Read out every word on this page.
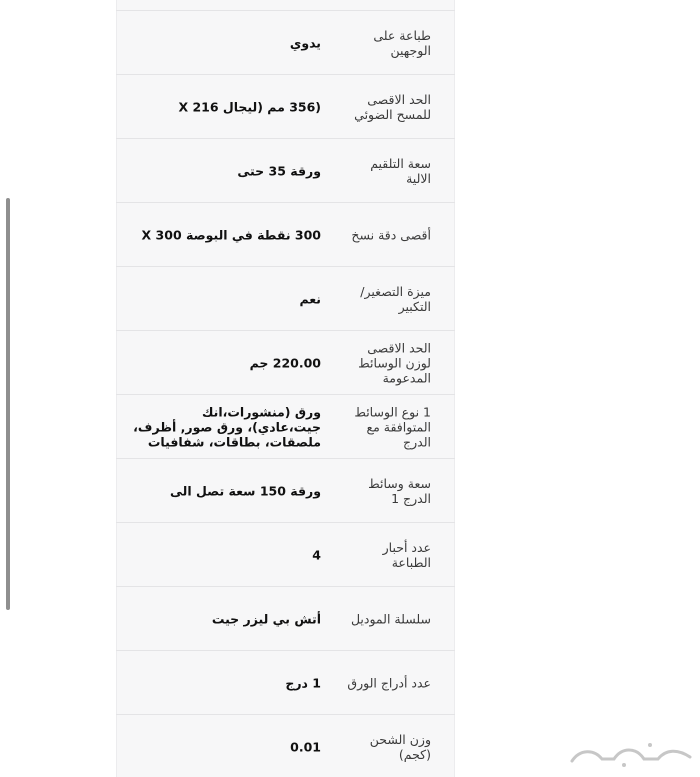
طباعة على الوجهين
يدوي
الحد الاقصى للمسح الضوئي
(356 مم (ليجال 216 X
سعة التلقيم الالية
ورقة 35 حتى
أقصى دقة نسخ
300 نقطة في البوصة 300 X
ميزة التصغير/التكبير
نعم
الحد الاقصى لوزن الوسائط المدعومة
220.00 جم
1 نوع الوسائط المتوافقة مع الدرج
ورق (منشورات،انك جيت،عادي)، ورق صور, أظرف، ملصقات، بطاقات، شفافيات
سعة وسائط الدرج 1
ورقة 150 سعة تصل الى
عدد أحبار الطباعة
4
سلسلة الموديل
أتش بي ليزر جيت
عدد أدراج الورق
1 درج
وزن الشحن (كجم)
0.01
